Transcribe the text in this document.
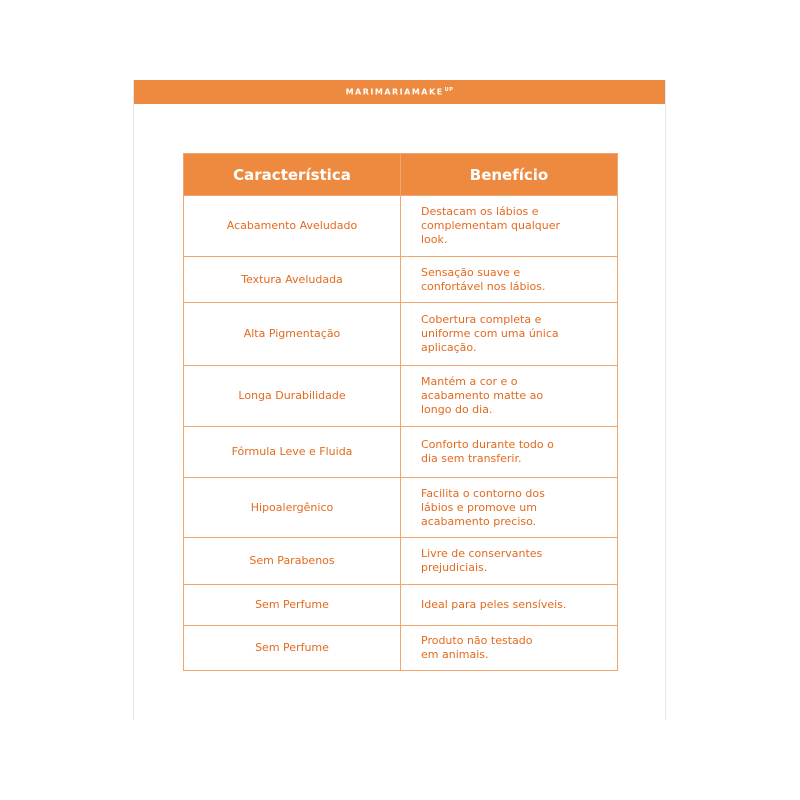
$MARIMARIAMAKE^{UP}$
Característica	Benefício
Acabamento Aveludado	Destacam os lábios e
complementam qualquer
look.
Textura Aveludada	Sensação suave e
confortável nos lábios.
Alta Pigmentação	Cobertura completa e
uniforme com uma única
aplicação.
Longa Durabilidade	Mantém a cor e o
acabamento matte ao
longo do dia.
Fórmula Leve e Fluida	Conforto durante todo o
dia sem transferir.
Hipoalergênico	Facilita o contorno dos
lábios e promove um
acabamento preciso.
Sem Parabenos	Livre de conservantes
prejudiciais.
Sem Perfume	Ideal para peles sensíveis.
Sem Perfume	Produto não testado
em animais.
